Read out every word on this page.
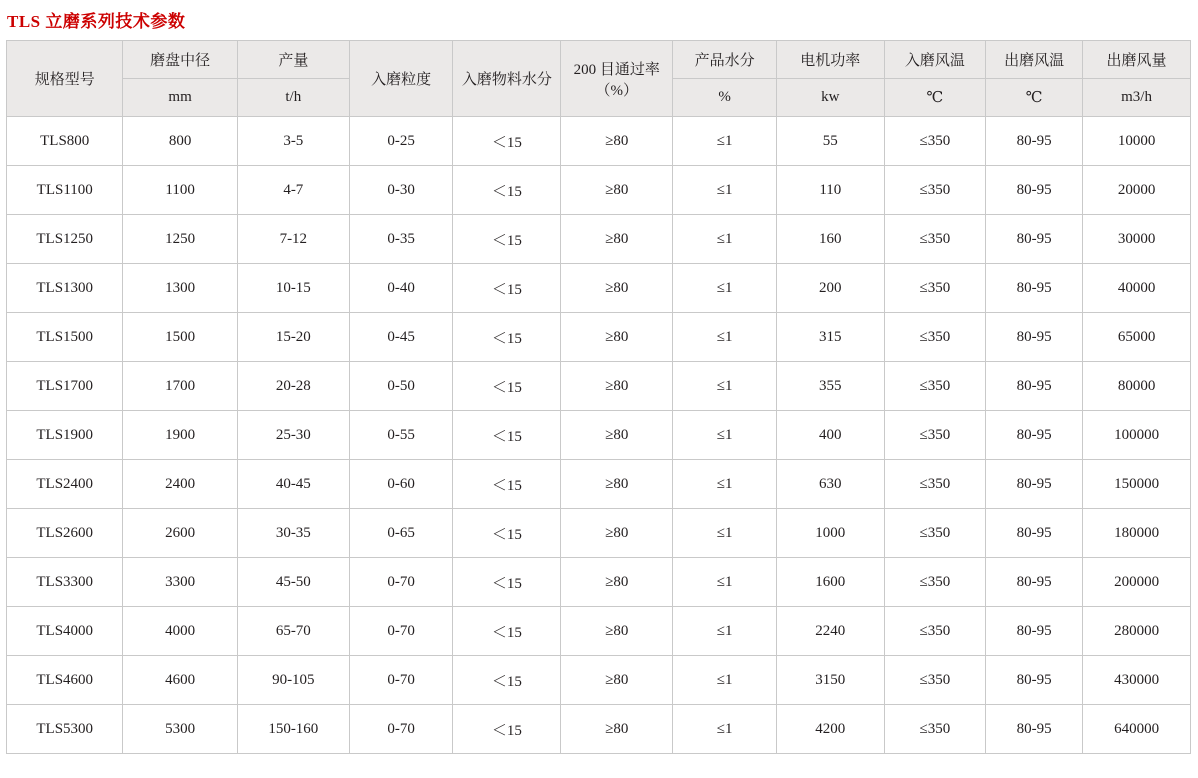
TLS 立磨系列技术参数
规格型号	磨盘中径	产量	入磨粒度	入磨物料水分	200 目通过率（%）	产品水分	电机功率	入磨风温	出磨风温	出磨风量
	mm	t/h				%	kw	℃	℃	m3/h
TLS800	800	3-5	0-25	＜15	≥80	≤1	55	≤350	80-95	10000
TLS1100	1100	4-7	0-30	＜15	≥80	≤1	110	≤350	80-95	20000
TLS1250	1250	7-12	0-35	＜15	≥80	≤1	160	≤350	80-95	30000
TLS1300	1300	10-15	0-40	＜15	≥80	≤1	200	≤350	80-95	40000
TLS1500	1500	15-20	0-45	＜15	≥80	≤1	315	≤350	80-95	65000
TLS1700	1700	20-28	0-50	＜15	≥80	≤1	355	≤350	80-95	80000
TLS1900	1900	25-30	0-55	＜15	≥80	≤1	400	≤350	80-95	100000
TLS2400	2400	40-45	0-60	＜15	≥80	≤1	630	≤350	80-95	150000
TLS2600	2600	30-35	0-65	＜15	≥80	≤1	1000	≤350	80-95	180000
TLS3300	3300	45-50	0-70	＜15	≥80	≤1	1600	≤350	80-95	200000
TLS4000	4000	65-70	0-70	＜15	≥80	≤1	2240	≤350	80-95	280000
TLS4600	4600	90-105	0-70	＜15	≥80	≤1	3150	≤350	80-95	430000
TLS5300	5300	150-160	0-70	＜15	≥80	≤1	4200	≤350	80-95	640000
